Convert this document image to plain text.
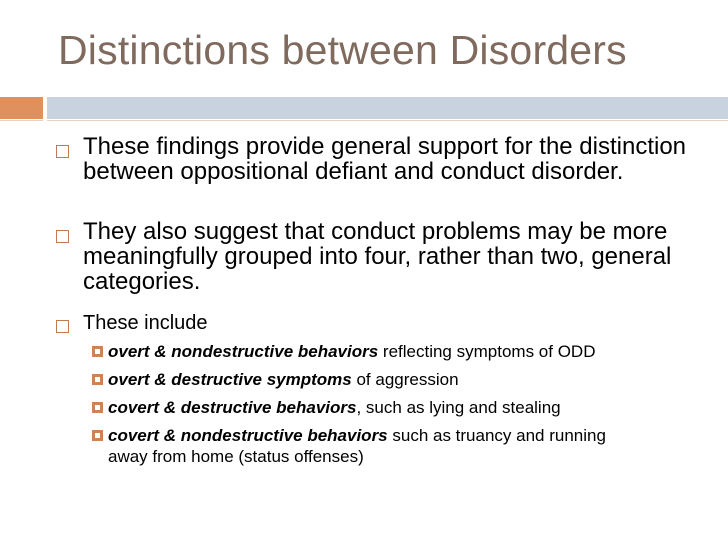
Distinctions between Disorders
These findings provide general support for the distinction between oppositional defiant and conduct disorder.
They also suggest that conduct problems may be more meaningfully grouped into four, rather than two, general categories.
These include
overt & nondestructive behaviors reflecting symptoms of ODD
overt & destructive symptoms of aggression
covert & destructive behaviors, such as lying and stealing
covert & nondestructive behaviors such as truancy and running away from home (status offenses)
